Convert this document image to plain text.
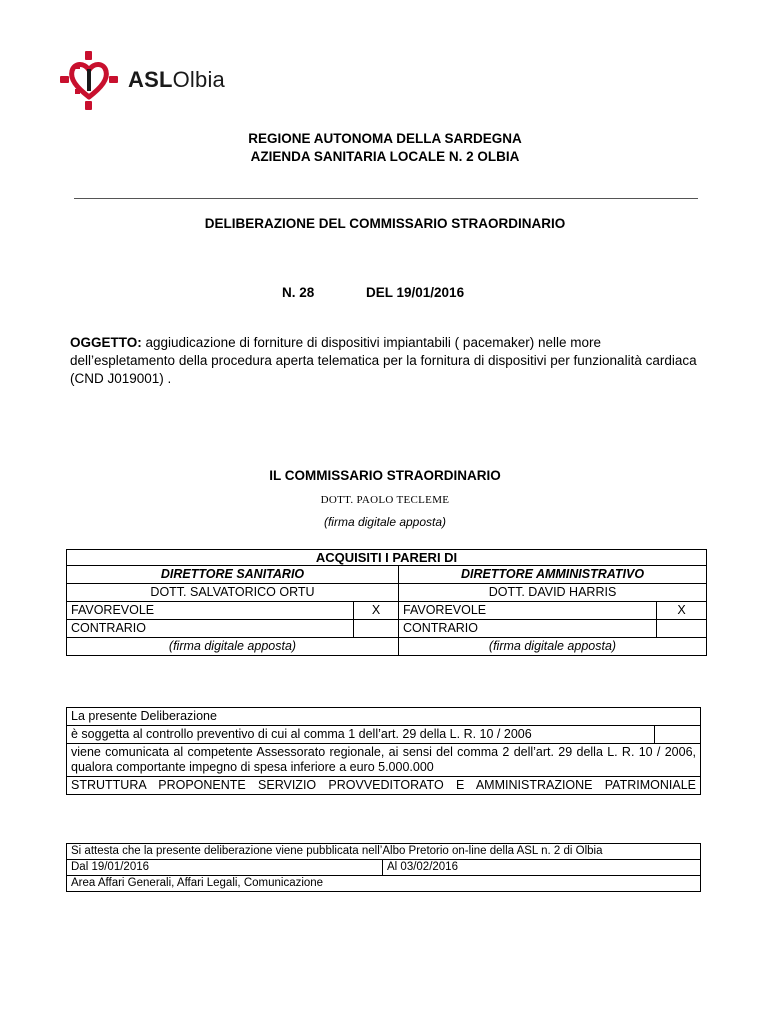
ASLOlbia
REGIONE AUTONOMA DELLA SARDEGNA
AZIENDA SANITARIA LOCALE N. 2 OLBIA
DELIBERAZIONE DEL COMMISSARIO STRAORDINARIO
N. 28	DEL 19/01/2016
OGGETTO: aggiudicazione di forniture di dispositivi impiantabili ( pacemaker) nelle more dell’espletamento della procedura aperta telematica per la fornitura di dispositivi per funzionalità cardiaca (CND J019001) .
IL COMMISSARIO STRAORDINARIO
DOTT. PAOLO TECLEME
(firma digitale apposta)
ACQUISITI I PARERI DI			
DIRETTORE SANITARIO		DIRETTORE AMMINISTRATIVO	
DOTT. SALVATORICO ORTU		DOTT. DAVID HARRIS	
FAVOREVOLE	X	FAVOREVOLE	X
CONTRARIO		CONTRARIO	
(firma digitale apposta)		(firma digitale apposta)	
La presente Deliberazione
è soggetta al controllo preventivo di cui al comma 1 dell’art. 29 della L. R. 10 / 2006	
viene comunicata al competente Assessorato regionale, ai sensi del comma 2 dell’art. 29 della L. R. 10 / 2006, qualora comportante impegno di spesa inferiore a euro 5.000.000

STRUTTURA PROPONENTE SERVIZIO PROVVEDITORATO E AMMINISTRAZIONE PATRIMONIALE
Si attesta che la presente deliberazione viene pubblicata nell’Albo Pretorio on-line della ASL n. 2 di Olbia
Dal 19/01/2016	Al 03/02/2016
Area Affari Generali, Affari Legali, Comunicazione
